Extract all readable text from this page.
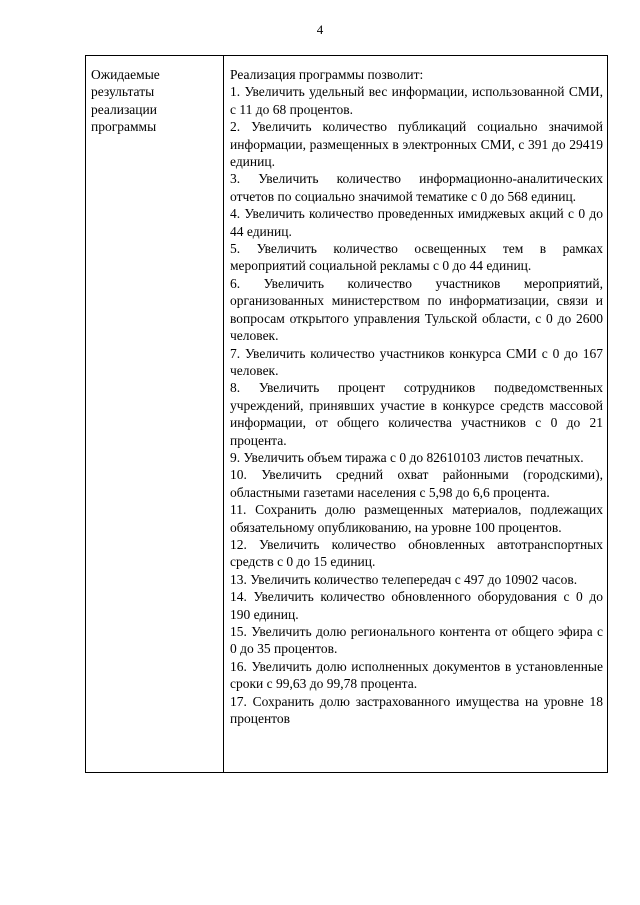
4
Ожидаемые
результаты
реализации
программы
Реализация программы позволит:
1. Увеличить удельный вес информации, использованной СМИ, с 11 до 68 процентов.
2. Увеличить количество публикаций социально значимой информации, размещенных в электронных СМИ, с 391 до 29419 единиц.
3. Увеличить количество информационно-аналитических отчетов по социально значимой тематике с 0 до 568 единиц.
4. Увеличить количество проведенных имиджевых акций с 0 до 44 единиц.
5. Увеличить количество освещенных тем в рамках мероприятий социальной рекламы с 0 до 44 единиц.
6. Увеличить количество участников мероприятий, организованных министерством по информатизации, связи и вопросам открытого управления Тульской области, с 0 до 2600 человек.
7. Увеличить количество участников конкурса СМИ с 0 до 167 человек.
8. Увеличить процент сотрудников подведомственных учреждений, принявших участие в конкурсе средств массовой информации, от общего количества участников с 0 до 21 процента.
9. Увеличить объем тиража с 0 до 82610103 листов печатных.
10. Увеличить средний охват районными (городскими), областными газетами населения с 5,98 до 6,6 процента.
11. Сохранить долю размещенных материалов, подлежащих обязательному опубликованию, на уровне 100 процентов.
12. Увеличить количество обновленных автотранспортных средств с 0 до 15 единиц.
13. Увеличить количество телепередач с 497 до 10902 часов.
14. Увеличить количество обновленного оборудования с 0 до 190 единиц.
15. Увеличить долю регионального контента от общего эфира с 0 до 35 процентов.
16. Увеличить долю исполненных документов в установленные сроки с 99,63 до 99,78 процента.
17. Сохранить долю застрахованного имущества на уровне 18 процентов
